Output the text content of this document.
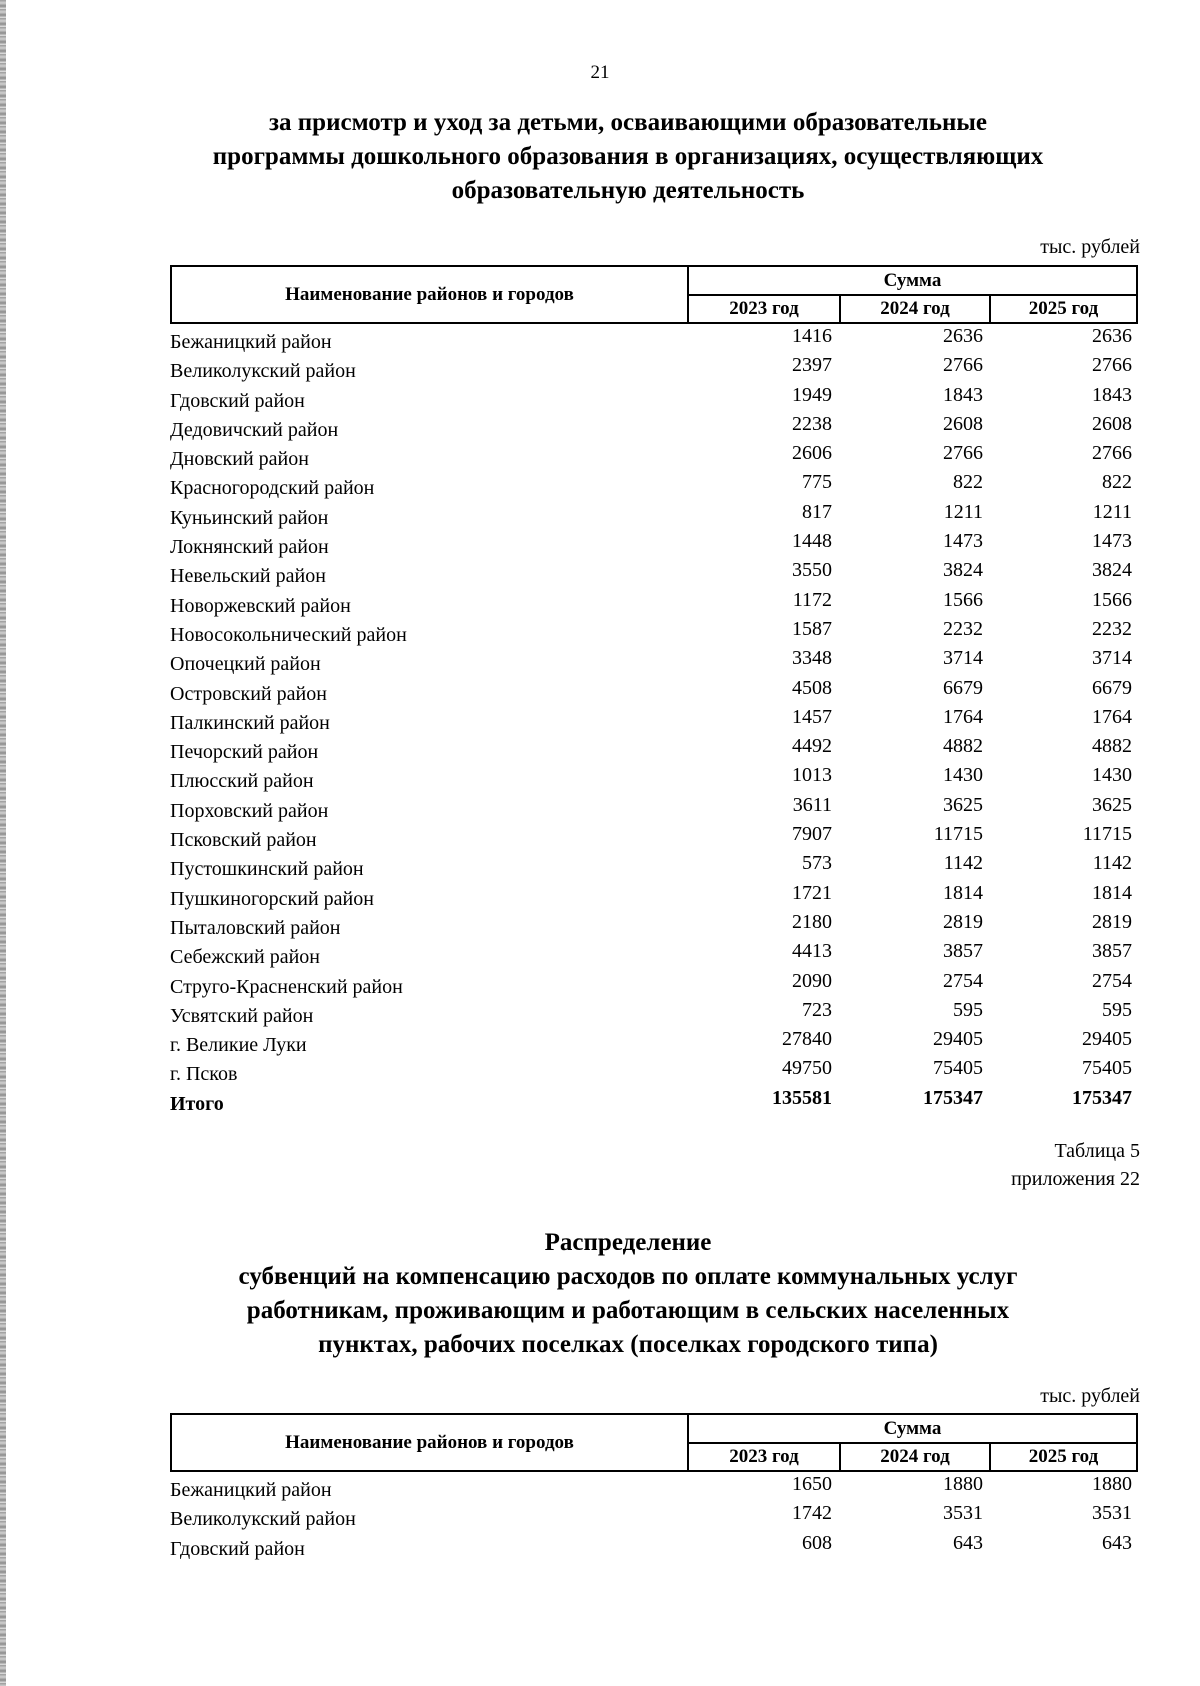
21
за присмотр и уход за детьми, осваивающими образовательные
программы дошкольного образования в организациях, осуществляющих
образовательную деятельность
тыс. рублей
Наименование районов и городов
Сумма
2023 год	2024 год	2025 год
Бежаницкий район	1416	2636	2636
Великолукский район	2397	2766	2766
Гдовский район	1949	1843	1843
Дедовичский район	2238	2608	2608
Дновский район	2606	2766	2766
Красногородский район	775	822	822
Куньинский район	817	1211	1211
Локнянский район	1448	1473	1473
Невельский район	3550	3824	3824
Новоржевский район	1172	1566	1566
Новосокольнический район	1587	2232	2232
Опочецкий район	3348	3714	3714
Островский район	4508	6679	6679
Палкинский район	1457	1764	1764
Печорский район	4492	4882	4882
Плюсский район	1013	1430	1430
Порховский район	3611	3625	3625
Псковский район	7907	11715	11715
Пустошкинский район	573	1142	1142
Пушкиногорский район	1721	1814	1814
Пыталовский район	2180	2819	2819
Себежский район	4413	3857	3857
Струго-Красненский район	2090	2754	2754
Усвятский район	723	595	595
г. Великие Луки	27840	29405	29405
г. Псков	49750	75405	75405
Итого	135581	175347	175347
Таблица 5
приложения 22
Распределение
субвенций на компенсацию расходов по оплате коммунальных услуг
работникам, проживающим и работающим в сельских населенных
пунктах, рабочих поселках (поселках городского типа)
тыс. рублей
Наименование районов и городов
Сумма
2023 год	2024 год	2025 год
Бежаницкий район	1650	1880	1880
Великолукский район	1742	3531	3531
Гдовский район	608	643	643
